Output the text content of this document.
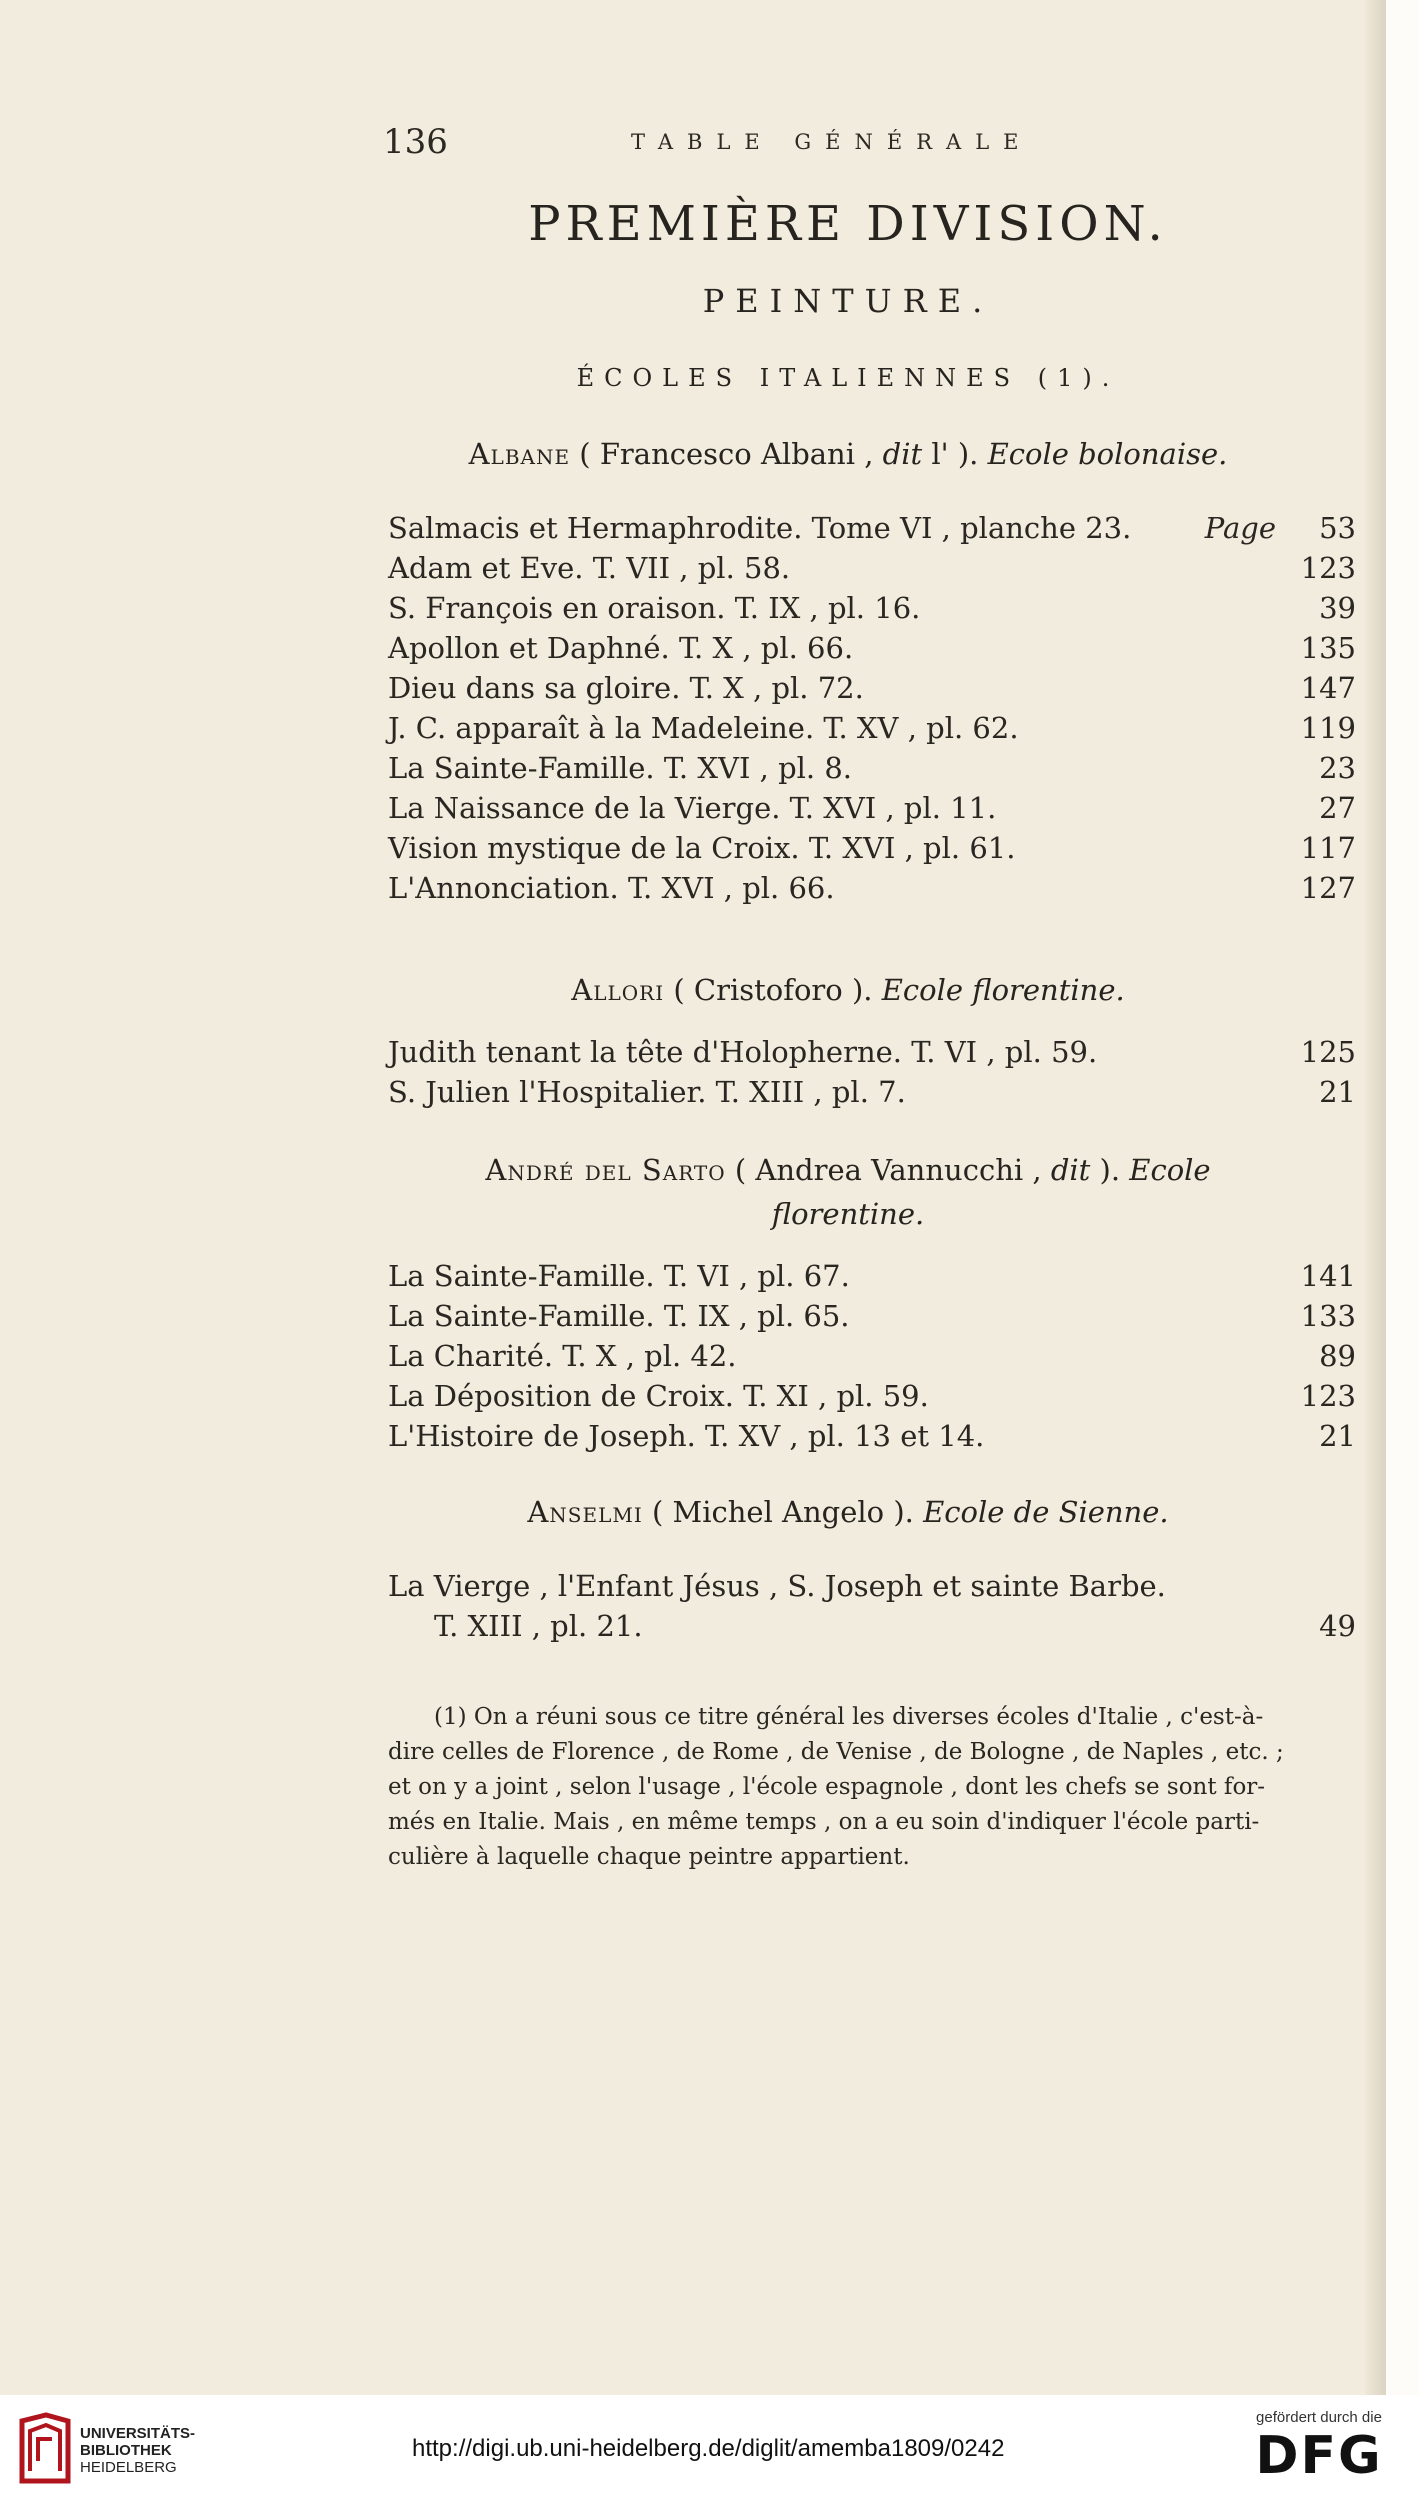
136	TABLE GÉNÉRALE
PREMIÈRE DIVISION.
PEINTURE.
ÉCOLES ITALIENNES (1).
Albane ( Francesco Albani , dit l' ). Ecole bolonaise.
Salmacis et Hermaphrodite. Tome VI , planche 23.	Page 53
Adam et Eve. T. VII , pl. 58.	123
S. François en oraison. T. IX , pl. 16.	39
Apollon et Daphné. T. X , pl. 66.	135
Dieu dans sa gloire. T. X , pl. 72.	147
J. C. apparaît à la Madeleine. T. XV , pl. 62.	119
La Sainte-Famille. T. XVI , pl. 8.	23
La Naissance de la Vierge. T. XVI , pl. 11.	27
Vision mystique de la Croix. T. XVI , pl. 61.	117
L'Annonciation. T. XVI , pl. 66.	127
Allori ( Cristoforo ). Ecole florentine.
Judith tenant la tête d'Holopherne. T. VI , pl. 59.	125
S. Julien l'Hospitalier. T. XIII , pl. 7.	21
André del Sarto ( Andrea Vannucchi , dit ). Ecole
florentine.
La Sainte-Famille. T. VI , pl. 67.	141
La Sainte-Famille. T. IX , pl. 65.	133
La Charité. T. X , pl. 42.	89
La Déposition de Croix. T. XI , pl. 59.	123
L'Histoire de Joseph. T. XV , pl. 13 et 14.	21
Anselmi ( Michel Angelo ). Ecole de Sienne.
La Vierge , l'Enfant Jésus , S. Joseph et sainte Barbe.
T. XIII , pl. 21.	49
(1) On a réuni sous ce titre général les diverses écoles d'Italie , c'est-à-
dire celles de Florence , de Rome , de Venise , de Bologne , de Naples , etc. ;
et on y a joint , selon l'usage , l'école espagnole , dont les chefs se sont for-
més en Italie. Mais , en même temps , on a eu soin d'indiquer l'école parti-
culière à laquelle chaque peintre appartient.
UNIVERSITÄTS-
BIBLIOTHEK
HEIDELBERG
http://digi.ub.uni-heidelberg.de/diglit/amemba1809/0242
gefördert durch die
DFG
